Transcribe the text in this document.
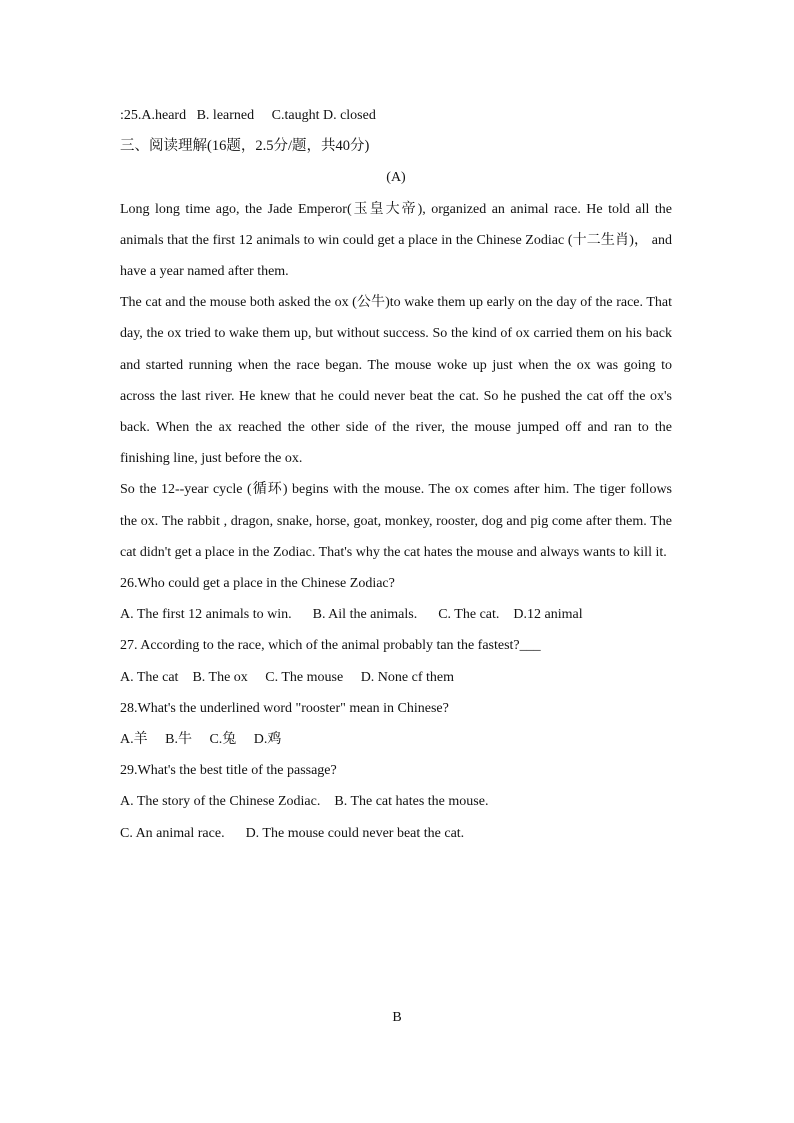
:25.A.heard   B. learned     C.taught D. closed
三、阅读理解(16题，2.5分/题，共40分)
(A)
Long long time ago, the Jade Emperor(玉皇大帝), organized an animal race. He told all the animals that the first 12 animals to win could get a place in the Chinese Zodiac (十二生肖)， and have a year named after them.
The cat and the mouse both asked the ox (公牛)to wake them up early on the day of the race. That day, the ox tried to wake them up, but without success. So the kind of ox carried them on his back and started running when the race began. The mouse woke up just when the ox was going to across the last river. He knew that he could never beat the cat. So he pushed the cat off the ox's back. When the ax reached the other side of the river, the mouse jumped off and ran to the finishing line, just before the ox.
So the 12--year cycle (循环) begins with the mouse. The ox comes after him. The tiger follows the ox. The rabbit , dragon, snake, horse, goat, monkey, rooster, dog and pig come after them. The cat didn't get a place in the Zodiac. That's why the cat hates the mouse and always wants to kill it.
26.Who could get a place in the Chinese Zodiac?
A. The first 12 animals to win.      B. Ail the animals.      C. The cat.    D.12 animal
27. According to the race, which of the animal probably tan the fastest?___
A. The cat    B. The ox     C. The mouse     D. None cf them
28.What's the underlined word "rooster" mean in Chinese?
A.羊     B.牛     C.兔     D.鸡
29.What's the best title of the passage?
A. The story of the Chinese Zodiac.    B. The cat hates the mouse.
C. An animal race.      D. The mouse could never beat the cat.
B
